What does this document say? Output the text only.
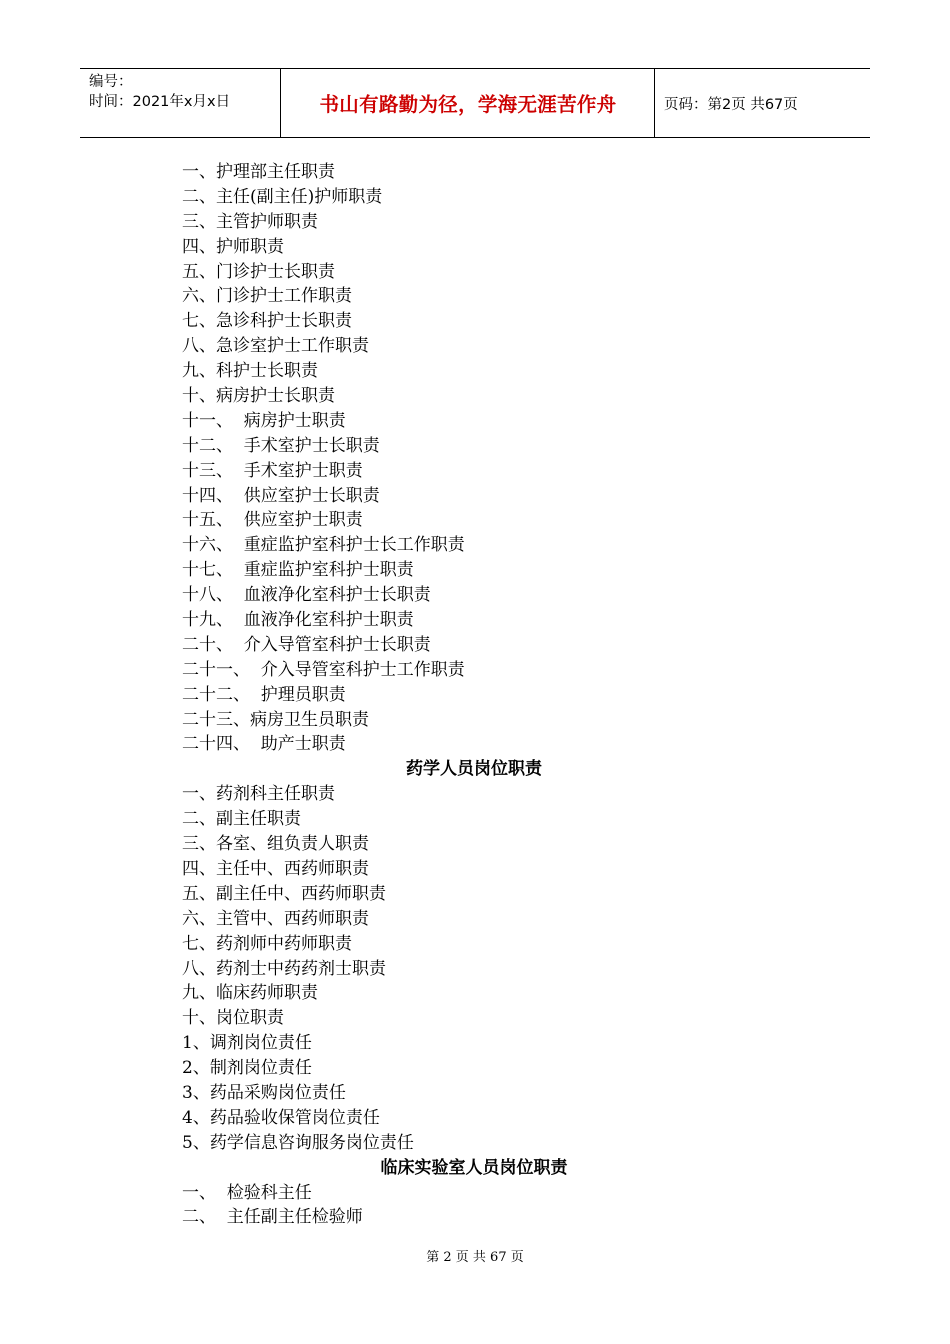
编号：
时间：2021年x月x日	书山有路勤为径，学海无涯苦作舟	页码：第2页 共67页
一、护理部主任职责
二、主任(副主任)护师职责
三、主管护师职责
四、护师职责
五、门诊护士长职责
六、门诊护士工作职责
七、急诊科护士长职责
八、急诊室护士工作职责
九、科护士长职责
十、病房护士长职责
十一、  病房护士职责
十二、  手术室护士长职责
十三、  手术室护士职责
十四、  供应室护士长职责
十五、  供应室护士职责
十六、  重症监护室科护士长工作职责
十七、  重症监护室科护士职责
十八、  血液净化室科护士长职责
十九、  血液净化室科护士职责
二十、  介入导管室科护士长职责
二十一、  介入导管室科护士工作职责
二十二、  护理员职责
二十三、病房卫生员职责
二十四、  助产士职责
药学人员岗位职责
一、药剂科主任职责
二、副主任职责
三、各室、组负责人职责
四、主任中、西药师职责
五、副主任中、西药师职责
六、主管中、西药师职责
七、药剂师中药师职责
八、药剂士中药药剂士职责
九、临床药师职责
十、岗位职责
1、调剂岗位责任
2、制剂岗位责任
3、药品采购岗位责任
4、药品验收保管岗位责任
5、药学信息咨询服务岗位责任
临床实验室人员岗位职责
一、  检验科主任
二、  主任副主任检验师
第 2 页 共 67 页
